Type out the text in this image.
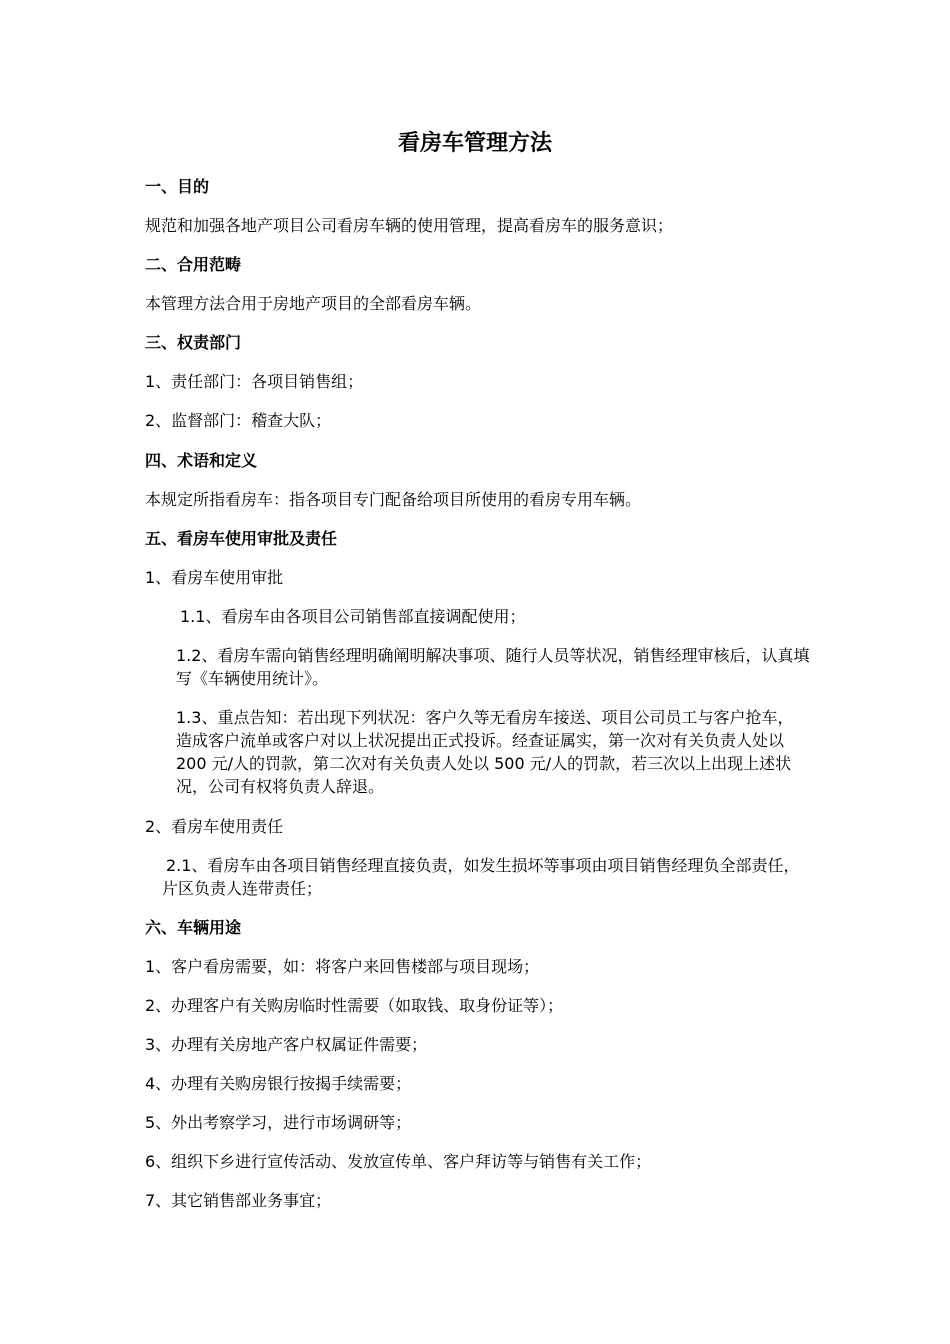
看房车管理方法
一、目的
规范和加强各地产项目公司看房车辆的使用管理，提高看房车的服务意识；
二、合用范畴
本管理方法合用于房地产项目的全部看房车辆。
三、权责部门
1、责任部门：各项目销售组；
2、监督部门：稽查大队；
四、术语和定义
本规定所指看房车：指各项目专门配备给项目所使用的看房专用车辆。
五、看房车使用审批及责任
1、看房车使用审批
1.1、看房车由各项目公司销售部直接调配使用；
1.2、看房车需向销售经理明确阐明解决事项、随行人员等状况，销售经理审核后，认真填写《车辆使用统计》。
1.3、重点告知：若出现下列状况：客户久等无看房车接送、项目公司员工与客户抢车，造成客户流单或客户对以上状况提出正式投诉。经查证属实，第一次对有关负责人处以 200 元/人的罚款，第二次对有关负责人处以 500 元/人的罚款，若三次以上出现上述状况，公司有权将负责人辞退。
2、看房车使用责任
2.1、看房车由各项目销售经理直接负责，如发生损坏等事项由项目销售经理负全部责任，片区负责人连带责任；
六、车辆用途
1、客户看房需要，如：将客户来回售楼部与项目现场；
2、办理客户有关购房临时性需要（如取钱、取身份证等）；
3、办理有关房地产客户权属证件需要；
4、办理有关购房银行按揭手续需要；
5、外出考察学习，进行市场调研等；
6、组织下乡进行宣传活动、发放宣传单、客户拜访等与销售有关工作；
7、其它销售部业务事宜；
